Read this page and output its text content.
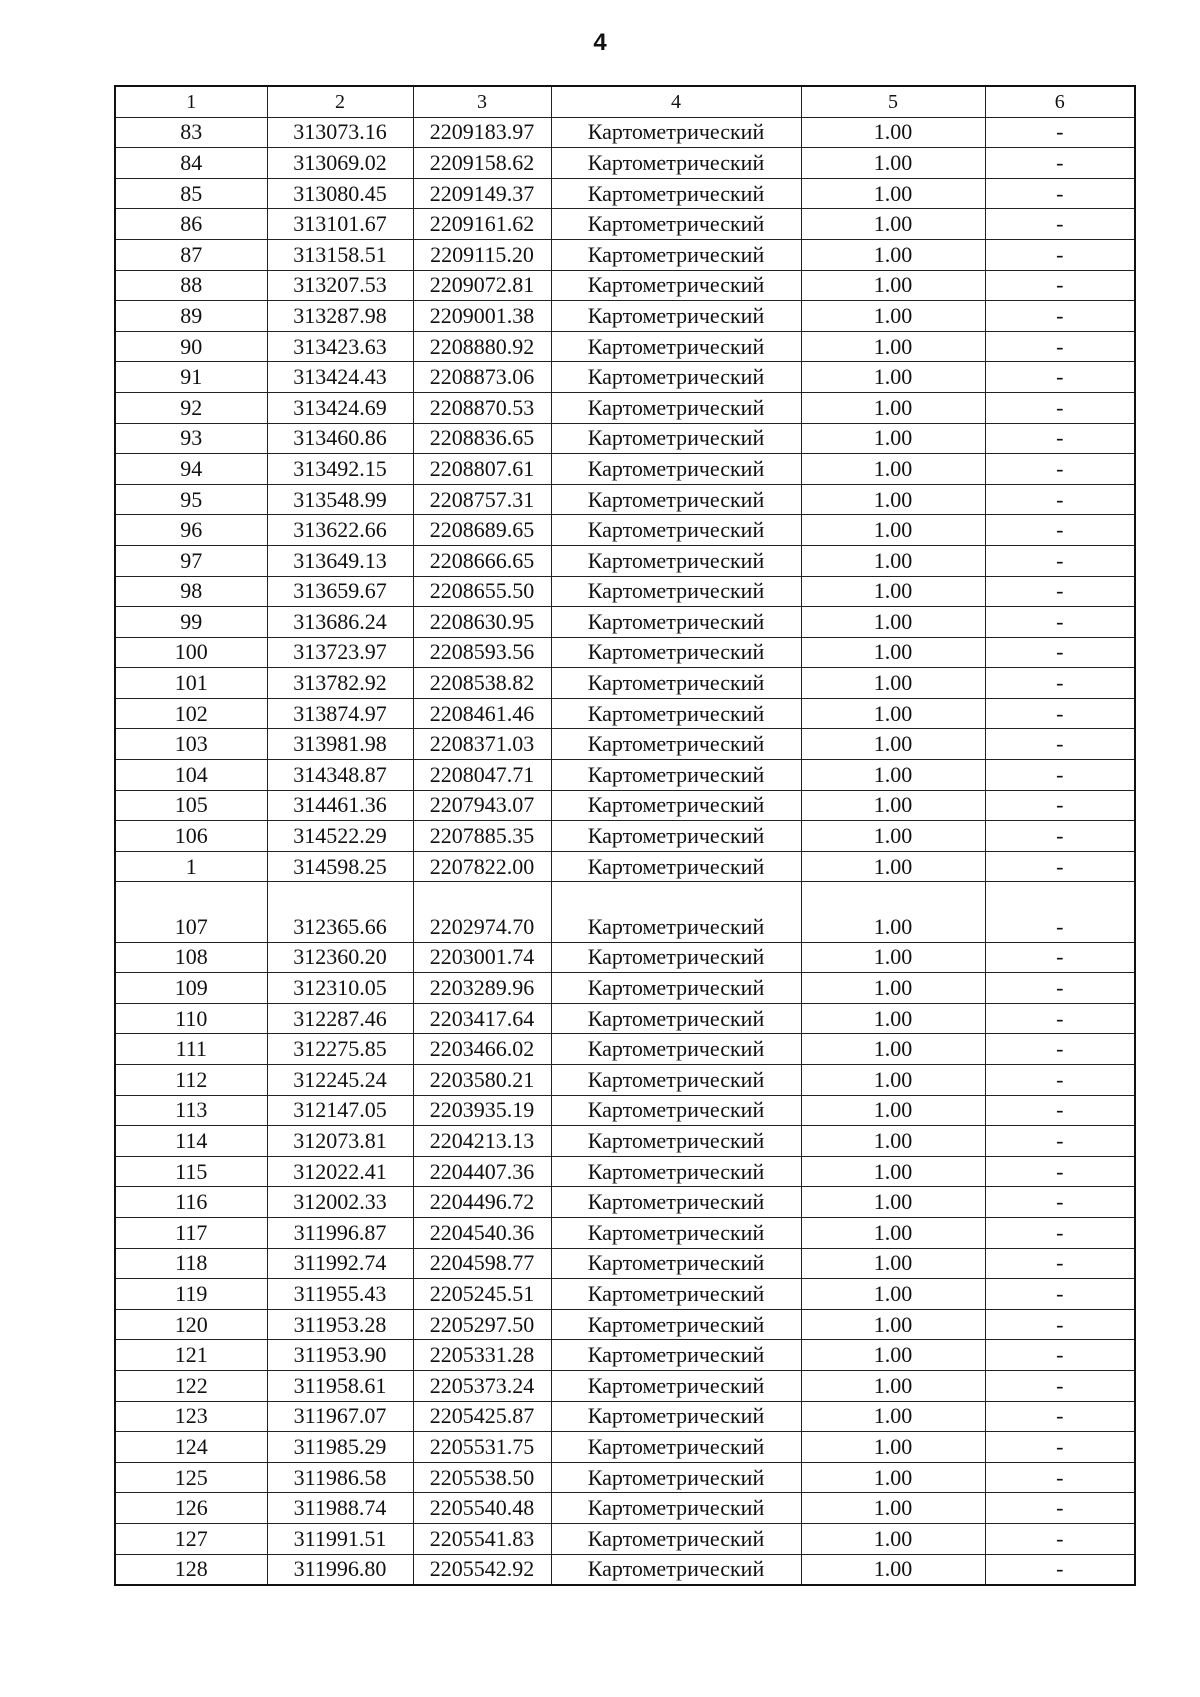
4
1	2	3	4	5	6
83	313073.16	2209183.97	Картометрический	1.00	-
84	313069.02	2209158.62	Картометрический	1.00	-
85	313080.45	2209149.37	Картометрический	1.00	-
86	313101.67	2209161.62	Картометрический	1.00	-
87	313158.51	2209115.20	Картометрический	1.00	-
88	313207.53	2209072.81	Картометрический	1.00	-
89	313287.98	2209001.38	Картометрический	1.00	-
90	313423.63	2208880.92	Картометрический	1.00	-
91	313424.43	2208873.06	Картометрический	1.00	-
92	313424.69	2208870.53	Картометрический	1.00	-
93	313460.86	2208836.65	Картометрический	1.00	-
94	313492.15	2208807.61	Картометрический	1.00	-
95	313548.99	2208757.31	Картометрический	1.00	-
96	313622.66	2208689.65	Картометрический	1.00	-
97	313649.13	2208666.65	Картометрический	1.00	-
98	313659.67	2208655.50	Картометрический	1.00	-
99	313686.24	2208630.95	Картометрический	1.00	-
100	313723.97	2208593.56	Картометрический	1.00	-
101	313782.92	2208538.82	Картометрический	1.00	-
102	313874.97	2208461.46	Картометрический	1.00	-
103	313981.98	2208371.03	Картометрический	1.00	-
104	314348.87	2208047.71	Картометрический	1.00	-
105	314461.36	2207943.07	Картометрический	1.00	-
106	314522.29	2207885.35	Картометрический	1.00	-
1	314598.25	2207822.00	Картометрический	1.00	-

107	312365.66	2202974.70	Картометрический	1.00	-
108	312360.20	2203001.74	Картометрический	1.00	-
109	312310.05	2203289.96	Картометрический	1.00	-
110	312287.46	2203417.64	Картометрический	1.00	-
111	312275.85	2203466.02	Картометрический	1.00	-
112	312245.24	2203580.21	Картометрический	1.00	-
113	312147.05	2203935.19	Картометрический	1.00	-
114	312073.81	2204213.13	Картометрический	1.00	-
115	312022.41	2204407.36	Картометрический	1.00	-
116	312002.33	2204496.72	Картометрический	1.00	-
117	311996.87	2204540.36	Картометрический	1.00	-
118	311992.74	2204598.77	Картометрический	1.00	-
119	311955.43	2205245.51	Картометрический	1.00	-
120	311953.28	2205297.50	Картометрический	1.00	-
121	311953.90	2205331.28	Картометрический	1.00	-
122	311958.61	2205373.24	Картометрический	1.00	-
123	311967.07	2205425.87	Картометрический	1.00	-
124	311985.29	2205531.75	Картометрический	1.00	-
125	311986.58	2205538.50	Картометрический	1.00	-
126	311988.74	2205540.48	Картометрический	1.00	-
127	311991.51	2205541.83	Картометрический	1.00	-
128	311996.80	2205542.92	Картометрический	1.00	-
